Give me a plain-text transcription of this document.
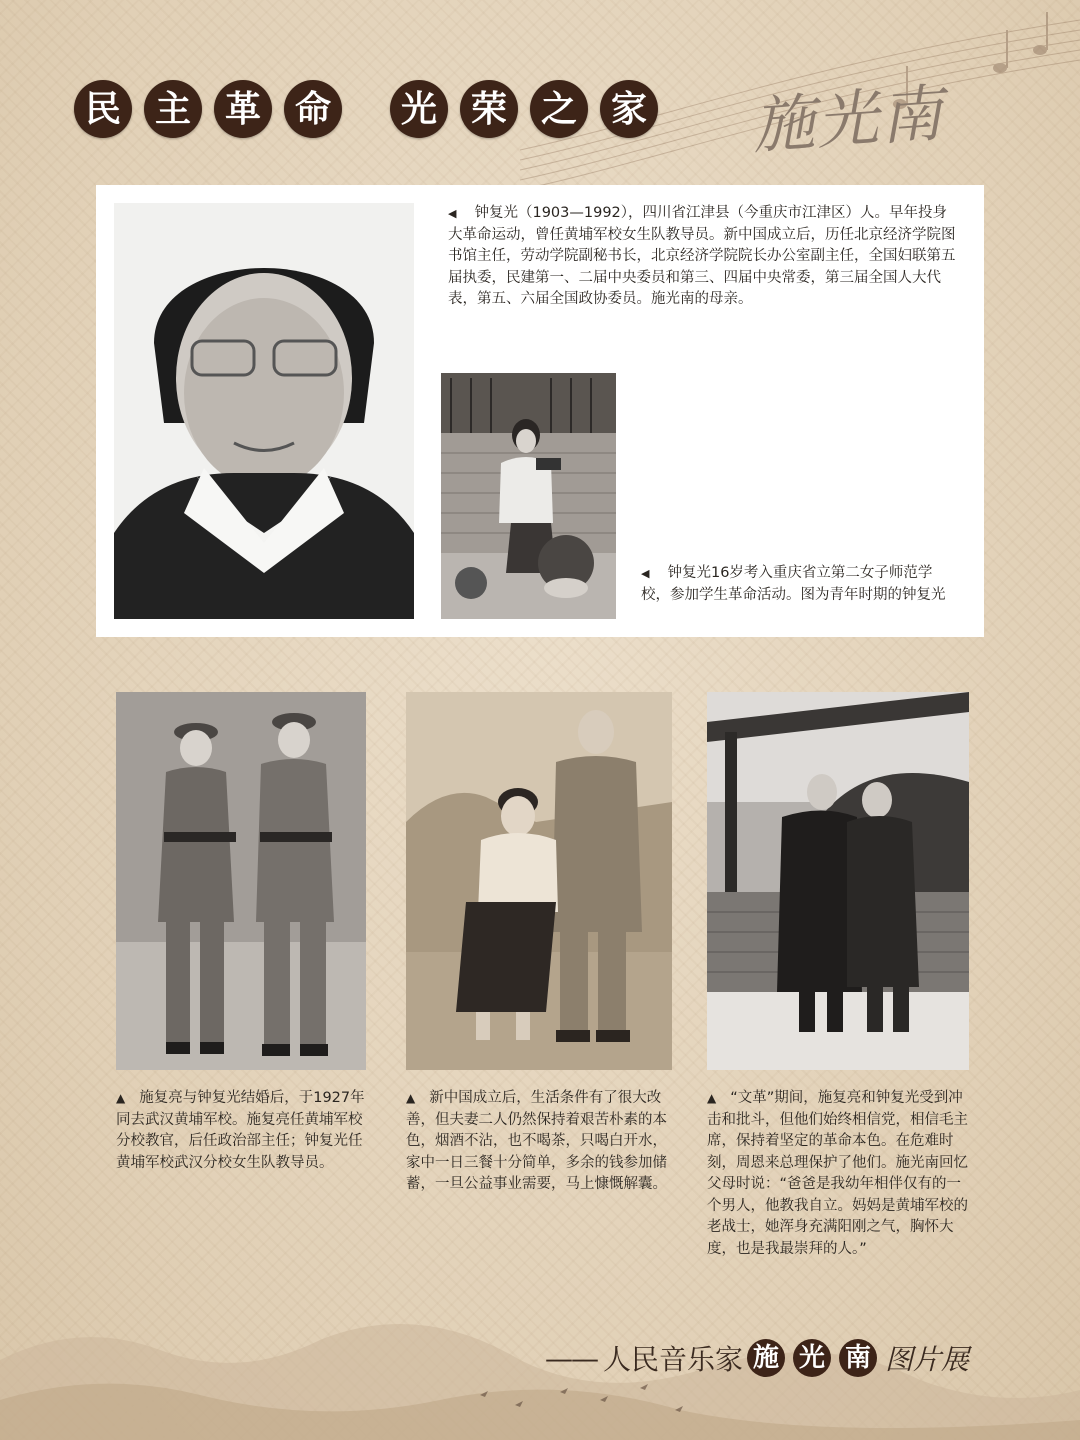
民 主 革 命	光 荣 之 家 施光南
◀ 钟复光（1903—1992），四川省江津县（今重庆市江津区）人。早年投身大革命运动，曾任黄埔军校女生队教导员。新中国成立后，历任北京经济学院图书馆主任，劳动学院副秘书长，北京经济学院院长办公室副主任，全国妇联第五届执委，民建第一、二届中央委员和第三、四届中央常委，第三届全国人大代表，第五、六届全国政协委员。施光南的母亲。
◀ 钟复光16岁考入重庆省立第二女子师范学校，参加学生革命活动。图为青年时期的钟复光
▲ 施复亮与钟复光结婚后，于1927年同去武汉黄埔军校。施复亮任黄埔军校分校教官，后任政治部主任；钟复光任黄埔军校武汉分校女生队教导员。
▲ 新中国成立后，生活条件有了很大改善，但夫妻二人仍然保持着艰苦朴素的本色，烟酒不沾，也不喝茶，只喝白开水，家中一日三餐十分简单，多余的钱参加储蓄，一旦公益事业需要，马上慷慨解囊。
▲ “文革”期间，施复亮和钟复光受到冲击和批斗，但他们始终相信党，相信毛主席，保持着坚定的革命本色。在危难时刻，周恩来总理保护了他们。施光南回忆父母时说：“爸爸是我幼年相伴仅有的一个男人，他教我自立。妈妈是黄埔军校的老战士，她浑身充满阳刚之气，胸怀大度，也是我最崇拜的人。”
—— 人民音乐家 施 光 南 图片展
